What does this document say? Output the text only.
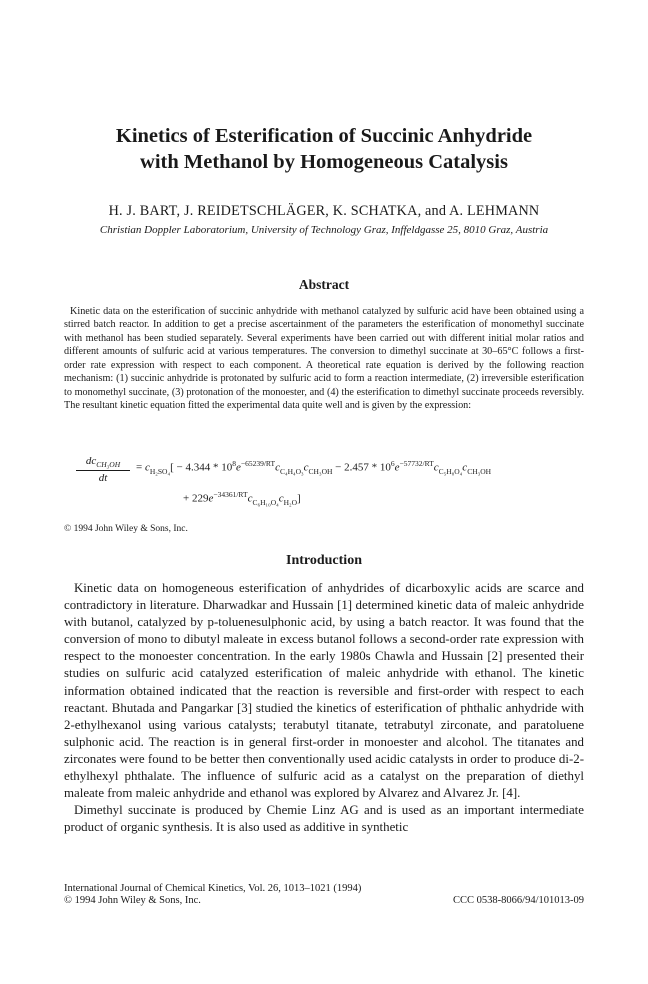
Kinetics of Esterification of Succinic Anhydride
with Methanol by Homogeneous Catalysis
H. J. BART, J. REIDETSCHLÄGER, K. SCHATKA, and A. LEHMANN
Christian Doppler Laboratorium, University of Technology Graz, Inffeldgasse 25, 8010 Graz, Austria
Abstract
Kinetic data on the esterification of succinic anhydride with methanol catalyzed by sulfuric acid have been obtained using a stirred batch reactor. In addition to get a precise ascertainment of the parameters the esterification of monomethyl succinate with methanol has been studied separately. Several experiments have been carried out with different initial molar ratios and different amounts of sulfuric acid at various temperatures. The conversion to dimethyl succinate at 30–65°C follows a first-order rate expression with respect to each component. A theoretical rate equation is derived by the following reaction mechanism: (1) succinic anhydride is protonated by sulfuric acid to form a reaction intermediate, (2) irreversible esterification to monomethyl succinate, (3) protonation of the monoester, and (4) the esterification to dimethyl succinate proceeds reversibly. The resultant kinetic equation fitted the experimental data quite well and is given by the expression:
$dc_{CH_3OH}$
dt
= $c_{H_2SO_4}[ - 4.344 * 10^8e^{-65239/RT}c_{C_4H_4O_3}c_{CH_3OH} - 2.457 * 10^6e^{-57732/RT}c_{C_5H_8O_4}c_{CH_3OH}$
+ $229e^{-34361/RT}c_{C_6H_{10}O_4}c_{H_2O}$]
© 1994 John Wiley & Sons, Inc.
Introduction
Kinetic data on homogeneous esterification of anhydrides of dicarboxylic acids are scarce and contradictory in literature. Dharwadkar and Hussain [1] determined kinetic data of maleic anhydride with butanol, catalyzed by p-toluenesulphonic acid, by using a batch reactor. It was found that the conversion of mono to dibutyl maleate in excess butanol follows a second-order rate expression with respect to the monoester concentration. In the early 1980s Chawla and Hussain [2] presented their studies on sulfuric acid catalyzed esterification of maleic anhydride with ethanol. The kinetic information obtained indicated that the reaction is reversible and first-order with respect to each reactant. Bhutada and Pangarkar [3] studied the kinetics of esterification of phthalic anhydride with 2-ethylhexanol using various catalysts; terabutyl titanate, tetrabutyl zirconate, and paratoluene sulphonic acid. The reaction is in general first-order in monoester and alcohol. The titanates and zirconates were found to be better then conventionally used acidic catalysts in order to produce di-2-ethylhexyl phthalate. The influence of sulfuric acid as a catalyst on the preparation of diethyl maleate from maleic anhydride and ethanol was explored by Alvarez and Alvarez Jr. [4].
Dimethyl succinate is produced by Chemie Linz AG and is used as an important intermediate product of organic synthesis. It is also used as additive in synthetic
International Journal of Chemical Kinetics, Vol. 26, 1013–1021 (1994)
© 1994 John Wiley & Sons, Inc.	CCC 0538-8066/94/101013-09
